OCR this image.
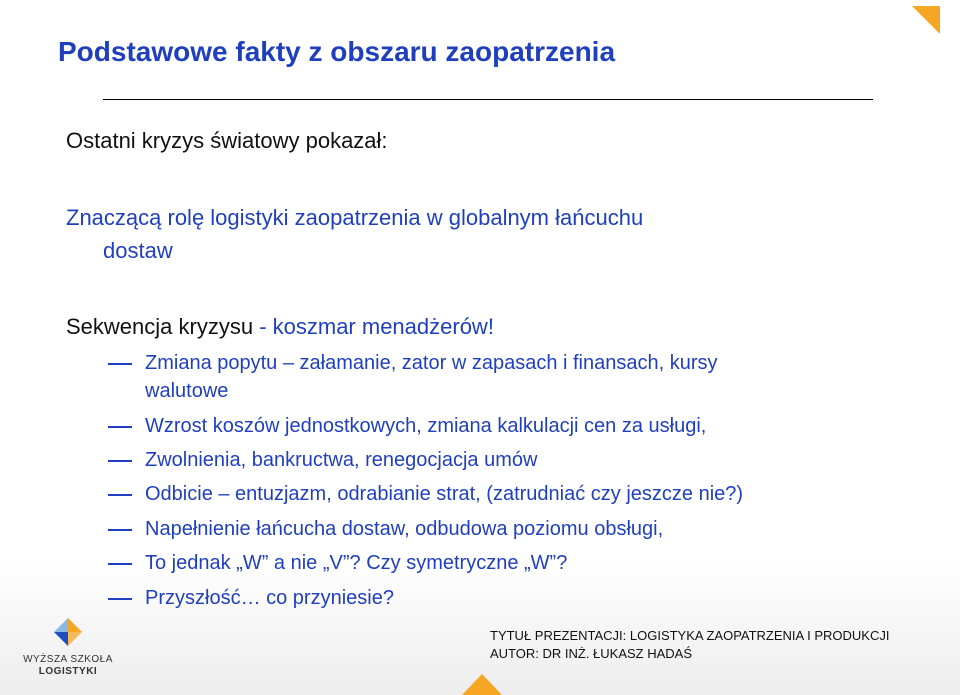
Podstawowe fakty z obszaru zaopatrzenia
Ostatni kryzys światowy pokazał:
Znaczącą rolę logistyki zaopatrzenia w globalnym łańcuchu
dostaw
Sekwencja kryzysu - koszmar menadżerów!
Zmiana popytu – załamanie, zator w zapasach i finansach, kursy
walutowe
Wzrost koszów jednostkowych, zmiana kalkulacji cen za usługi,
Zwolnienia, bankructwa, renegocjacja umów
Odbicie – entuzjazm, odrabianie strat, (zatrudniać czy jeszcze nie?)
Napełnienie łańcucha dostaw, odbudowa poziomu obsługi,
To jednak „W” a nie „V”? Czy symetryczne „W”?
Przyszłość… co przyniesie?
WYŻSZA SZKOŁA
LOGISTYKI
TYTUŁ PREZENTACJI: LOGISTYKA ZAOPATRZENIA I PRODUKCJI
AUTOR: DR INŻ. ŁUKASZ HADAŚ
